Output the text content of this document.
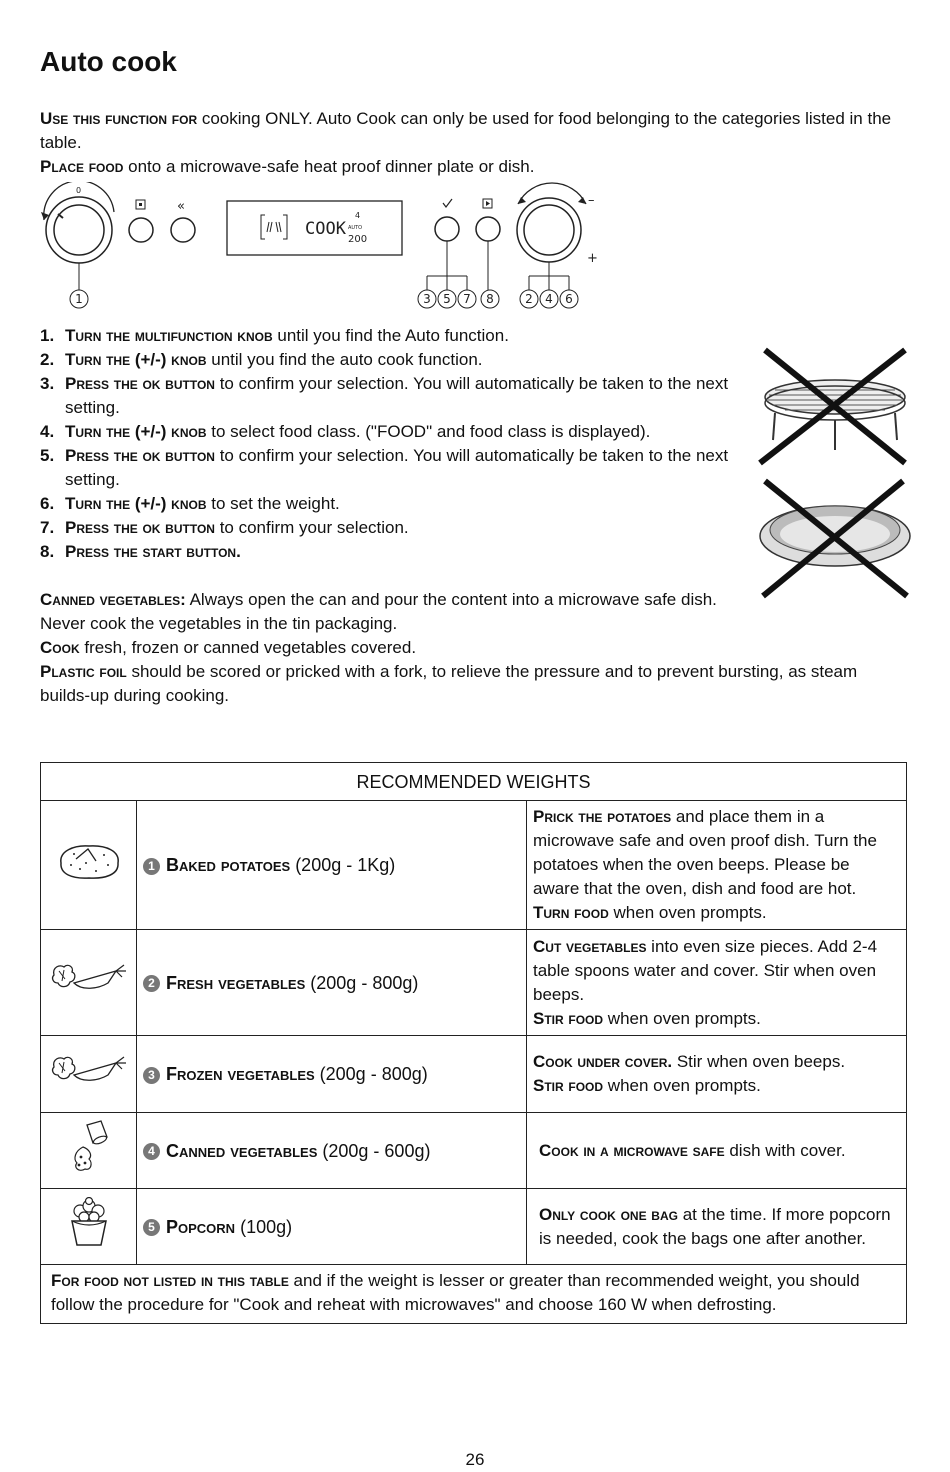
Auto cook
Use this function for cooking ONLY. Auto Cook can only be used for food belonging to the categories listed in the table.
Place food onto a microwave-safe heat proof dinner plate or dish.
0
«
COOK
4
AUTO
200
–
+
1	3 5 7 8	2 4 6
1. Turn the multifunction knob until you find the Auto function.
2. Turn the (+/-) knob until you find the auto cook function.
3. Press the ok button to confirm your selection. You will automatically be taken to the next setting.
4. Turn the (+/-) knob to select food class. ("FOOD" and food class is displayed).
5. Press the ok button to confirm your selection. You will automatically be taken to the next setting.
6. Turn the (+/-) knob to set the weight.
7. Press the ok button to confirm your selection.
8. Press the start button.

Canned vegetables: Always open the can and pour the content into a microwave safe dish. Never cook the vegetables in the tin packaging.

Cook fresh, frozen or canned vegetables covered.

Plastic foil should be scored or pricked with a fork, to relieve the pressure and to prevent bursting, as steam builds-up during cooking.

RECOMMENDED WEIGHTS		
	1 Baked potatoes (200g - 1Kg)	Prick the potatoes and place them in a microwave safe and oven proof dish. Turn the potatoes when the oven beeps. Please be aware that the oven, dish and food are hot.
Turn food when oven prompts.

	2 Fresh vegetables (200g - 800g)	Cut vegetables into even size pieces. Add 2-4 table spoons water and cover. Stir when oven beeps.
Stir food when oven prompts.

	3 Frozen vegetables (200g - 800g)	Cook under cover. Stir when oven beeps.
Stir food when oven prompts.

	4 Canned vegetables (200g - 600g)	Cook in a microwave safe dish with cover.

	5 Popcorn (100g)	Only cook one bag at the time. If more popcorn is needed, cook the bags one after another.

For food not listed in this table and if the weight is lesser or greater than recommended weight, you should follow the procedure for "Cook and reheat with microwaves" and choose 160 W when defrosting.		
26
